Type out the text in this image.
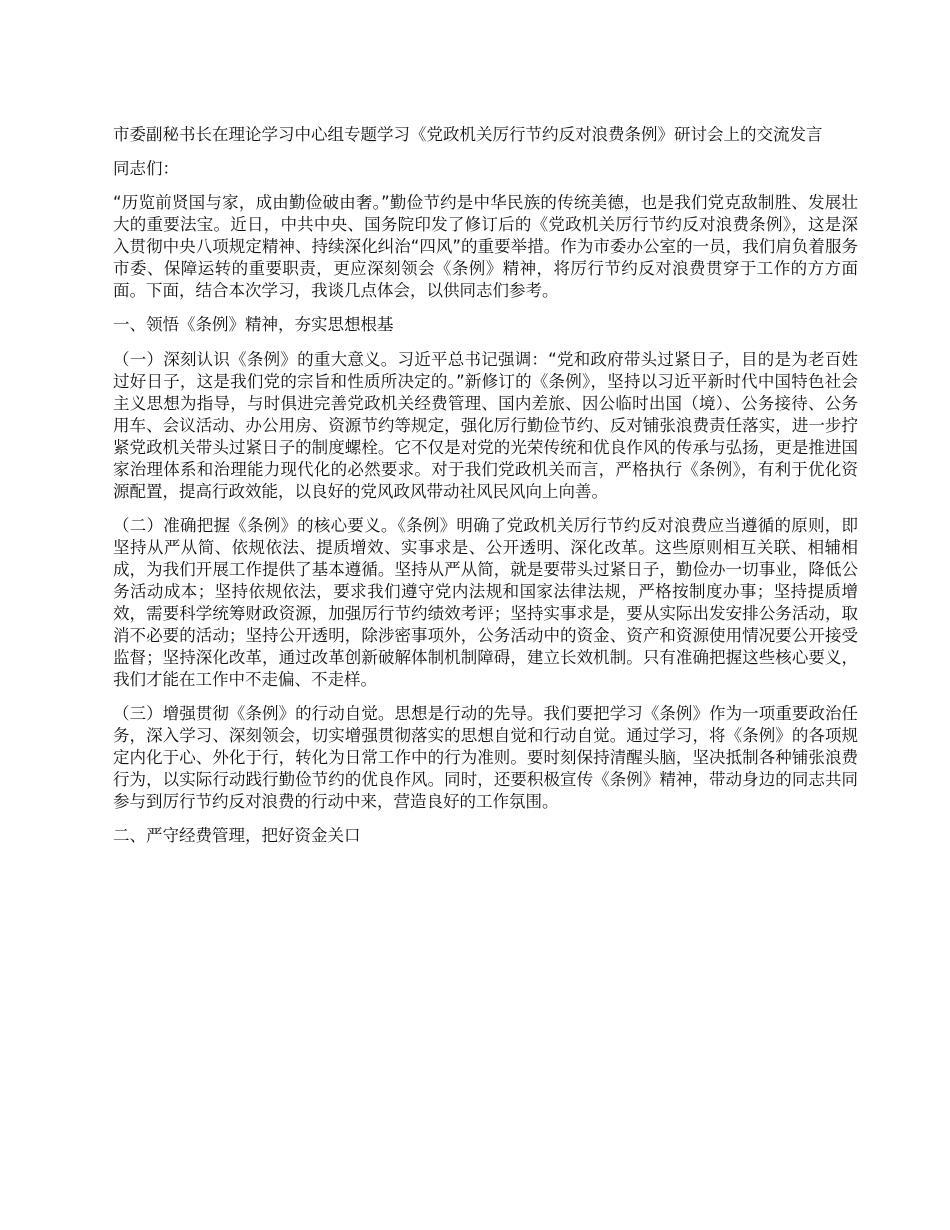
市委副秘书长在理论学习中心组专题学习《党政机关厉行节约反对浪费条例》研讨会上的交流发言

同志们：

“历览前贤国与家，成由勤俭破由奢。”勤俭节约是中华民族的传统美德，也是我们党克敌制胜、发展壮大的重要法宝。近日，中共中央、国务院印发了修订后的《党政机关厉行节约反对浪费条例》，这是深入贯彻中央八项规定精神、持续深化纠治“四风”的重要举措。作为市委办公室的一员，我们肩负着服务市委、保障运转的重要职责，更应深刻领会《条例》精神，将厉行节约反对浪费贯穿于工作的方方面面。下面，结合本次学习，我谈几点体会，以供同志们参考。

一、领悟《条例》精神，夯实思想根基

（一）深刻认识《条例》的重大意义。习近平总书记强调：“党和政府带头过紧日子，目的是为老百姓过好日子，这是我们党的宗旨和性质所决定的。”新修订的《条例》，坚持以习近平新时代中国特色社会主义思想为指导，与时俱进完善党政机关经费管理、国内差旅、因公临时出国（境）、公务接待、公务用车、会议活动、办公用房、资源节约等规定，强化厉行勤俭节约、反对铺张浪费责任落实，进一步拧紧党政机关带头过紧日子的制度螺栓。它不仅是对党的光荣传统和优良作风的传承与弘扬，更是推进国家治理体系和治理能力现代化的必然要求。对于我们党政机关而言，严格执行《条例》，有利于优化资源配置，提高行政效能，以良好的党风政风带动社风民风向上向善。

（二）准确把握《条例》的核心要义。《条例》明确了党政机关厉行节约反对浪费应当遵循的原则，即坚持从严从简、依规依法、提质增效、实事求是、公开透明、深化改革。这些原则相互关联、相辅相成，为我们开展工作提供了基本遵循。坚持从严从简，就是要带头过紧日子，勤俭办一切事业，降低公务活动成本；坚持依规依法，要求我们遵守党内法规和国家法律法规，严格按制度办事；坚持提质增效，需要科学统筹财政资源，加强厉行节约绩效考评；坚持实事求是，要从实际出发安排公务活动，取消不必要的活动；坚持公开透明，除涉密事项外，公务活动中的资金、资产和资源使用情况要公开接受监督；坚持深化改革，通过改革创新破解体制机制障碍，建立长效机制。只有准确把握这些核心要义，我们才能在工作中不走偏、不走样。

（三）增强贯彻《条例》的行动自觉。思想是行动的先导。我们要把学习《条例》作为一项重要政治任务，深入学习、深刻领会，切实增强贯彻落实的思想自觉和行动自觉。通过学习，将《条例》的各项规定内化于心、外化于行，转化为日常工作中的行为准则。要时刻保持清醒头脑，坚决抵制各种铺张浪费行为，以实际行动践行勤俭节约的优良作风。同时，还要积极宣传《条例》精神，带动身边的同志共同参与到厉行节约反对浪费的行动中来，营造良好的工作氛围。

二、严守经费管理，把好资金关口
